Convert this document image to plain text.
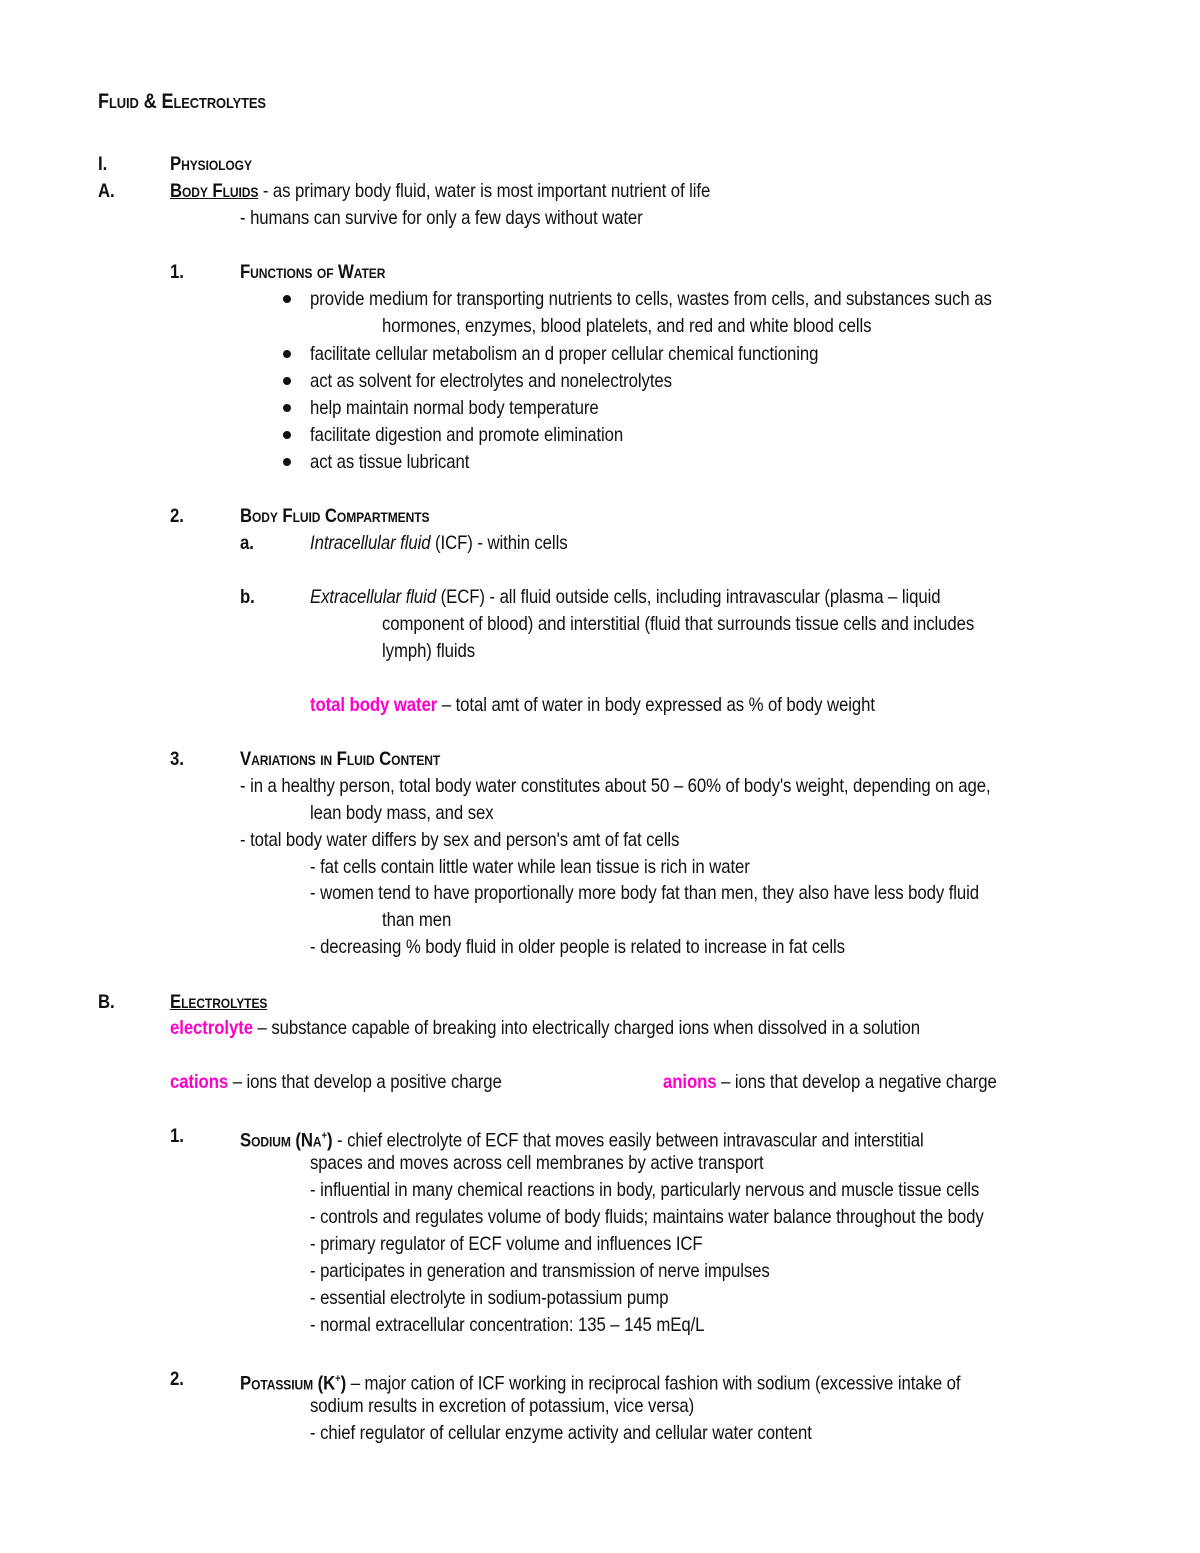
Fluid & Electrolytes
I.	Physiology
A.	Body Fluids - as primary body fluid, water is most important nutrient of life
- humans can survive for only a few days without water
1.	Functions of Water
provide medium for transporting nutrients to cells, wastes from cells, and substances such as
hormones, enzymes, blood platelets, and red and white blood cells
facilitate cellular metabolism an d proper cellular chemical functioning
act as solvent for electrolytes and nonelectrolytes
help maintain normal body temperature
facilitate digestion and promote elimination
act as tissue lubricant
2.	Body Fluid Compartments
a.	Intracellular fluid (ICF) - within cells
b.	Extracellular fluid (ECF) - all fluid outside cells, including intravascular (plasma – liquid
component of blood) and interstitial (fluid that surrounds tissue cells and includes
lymph) fluids
total body water – total amt of water in body expressed as % of body weight
3.	Variations in Fluid Content
- in a healthy person, total body water constitutes about 50 – 60% of body's weight, depending on age,
lean body mass, and sex
- total body water differs by sex and person's amt of fat cells
- fat cells contain little water while lean tissue is rich in water
- women tend to have proportionally more body fat than men, they also have less body fluid
than men
- decreasing % body fluid in older people is related to increase in fat cells
B.	Electrolytes
electrolyte – substance capable of breaking into electrically charged ions when dissolved in a solution
cations – ions that develop a positive charge	anions – ions that develop a negative charge
1.	Sodium (Na+) - chief electrolyte of ECF that moves easily between intravascular and interstitial
spaces and moves across cell membranes by active transport
- influential in many chemical reactions in body, particularly nervous and muscle tissue cells
- controls and regulates volume of body fluids; maintains water balance throughout the body
- primary regulator of ECF volume and influences ICF
- participates in generation and transmission of nerve impulses
- essential electrolyte in sodium-potassium pump
- normal extracellular concentration: 135 – 145 mEq/L
2.	Potassium (K+) – major cation of ICF working in reciprocal fashion with sodium (excessive intake of
sodium results in excretion of potassium, vice versa)
- chief regulator of cellular enzyme activity and cellular water content
